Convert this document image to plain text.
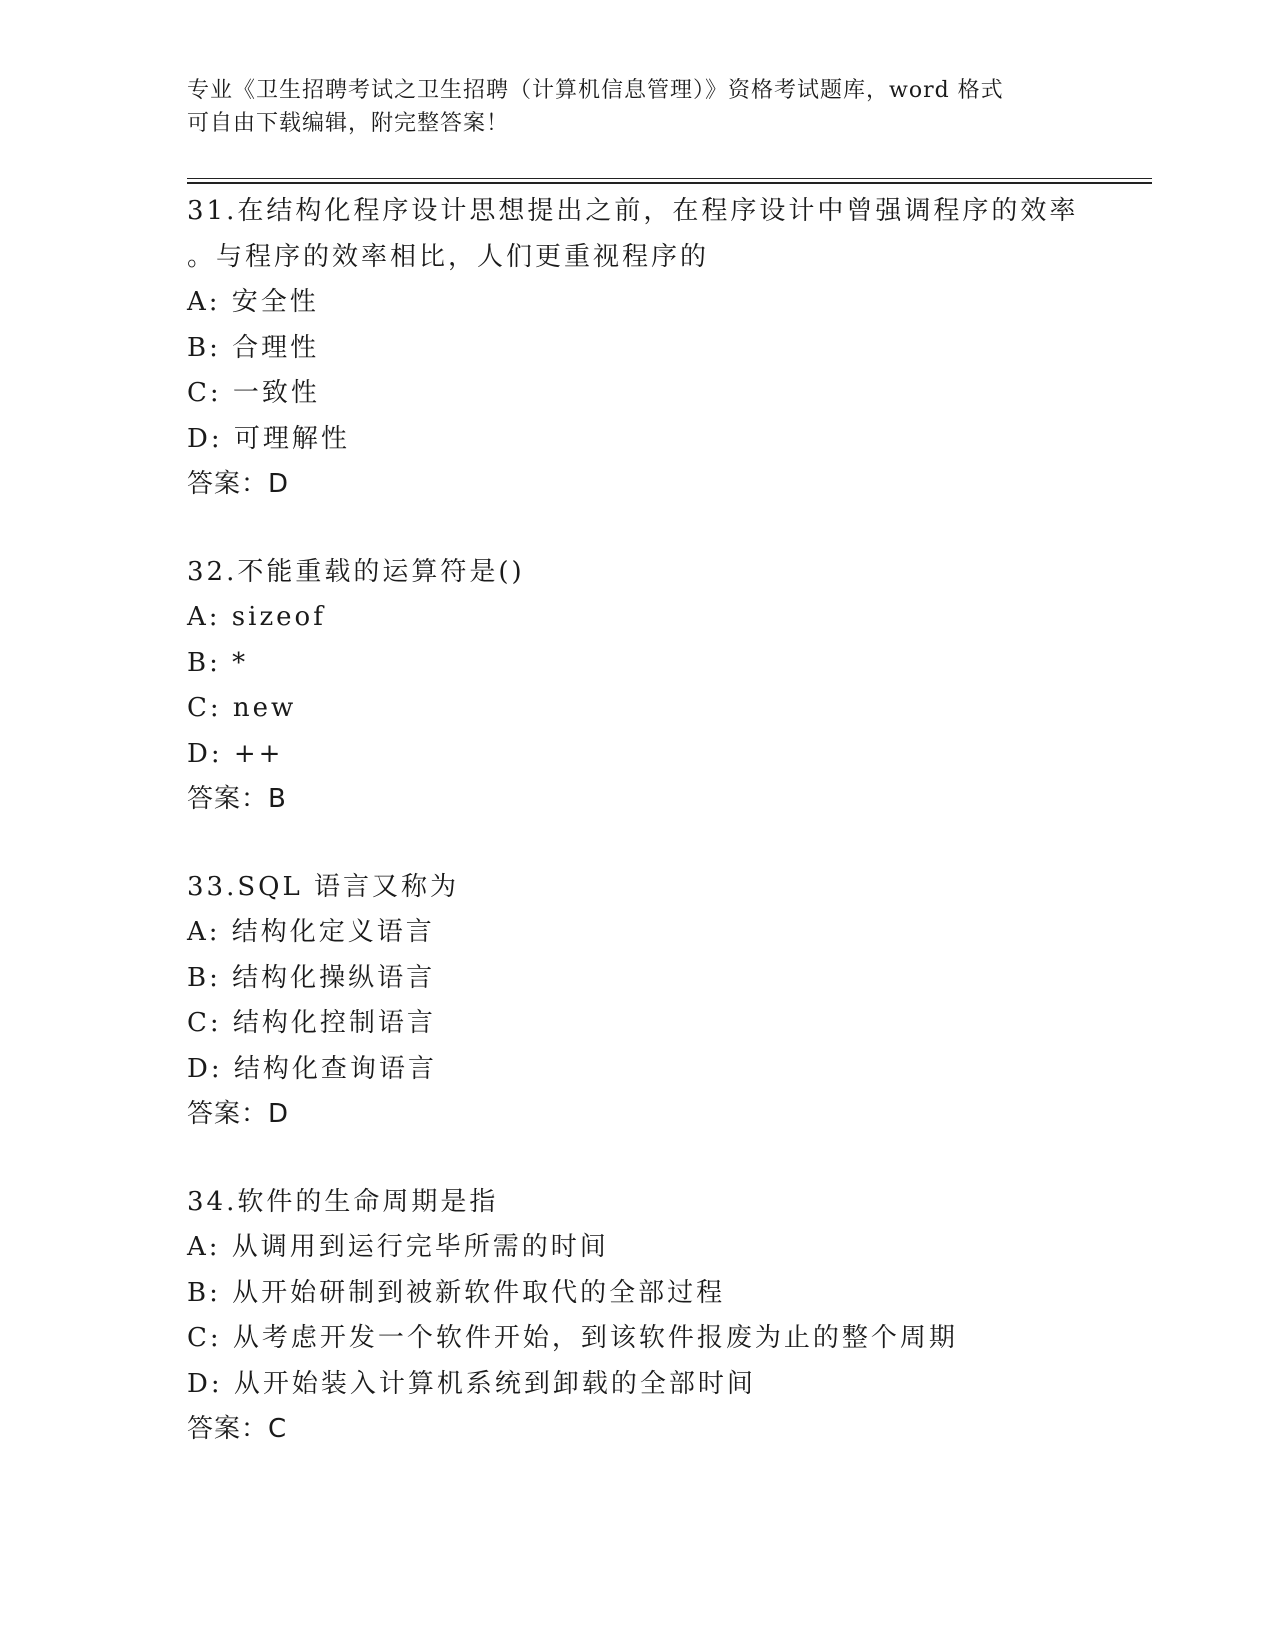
专业《卫生招聘考试之卫生招聘（计算机信息管理）》资格考试题库，word 格式
可自由下载编辑，附完整答案！
31.在结构化程序设计思想提出之前，在程序设计中曾强调程序的效率
。与程序的效率相比，人们更重视程序的
A: 安全性
B: 合理性
C: 一致性
D: 可理解性
答案：D
32.不能重载的运算符是()
A: sizeof
B: *
C: new
D: ++
答案：B
33.SQL 语言又称为
A: 结构化定义语言
B: 结构化操纵语言
C: 结构化控制语言
D: 结构化查询语言
答案：D
34.软件的生命周期是指
A: 从调用到运行完毕所需的时间
B: 从开始研制到被新软件取代的全部过程
C: 从考虑开发一个软件开始，到该软件报废为止的整个周期
D: 从开始装入计算机系统到卸载的全部时间
答案：C
